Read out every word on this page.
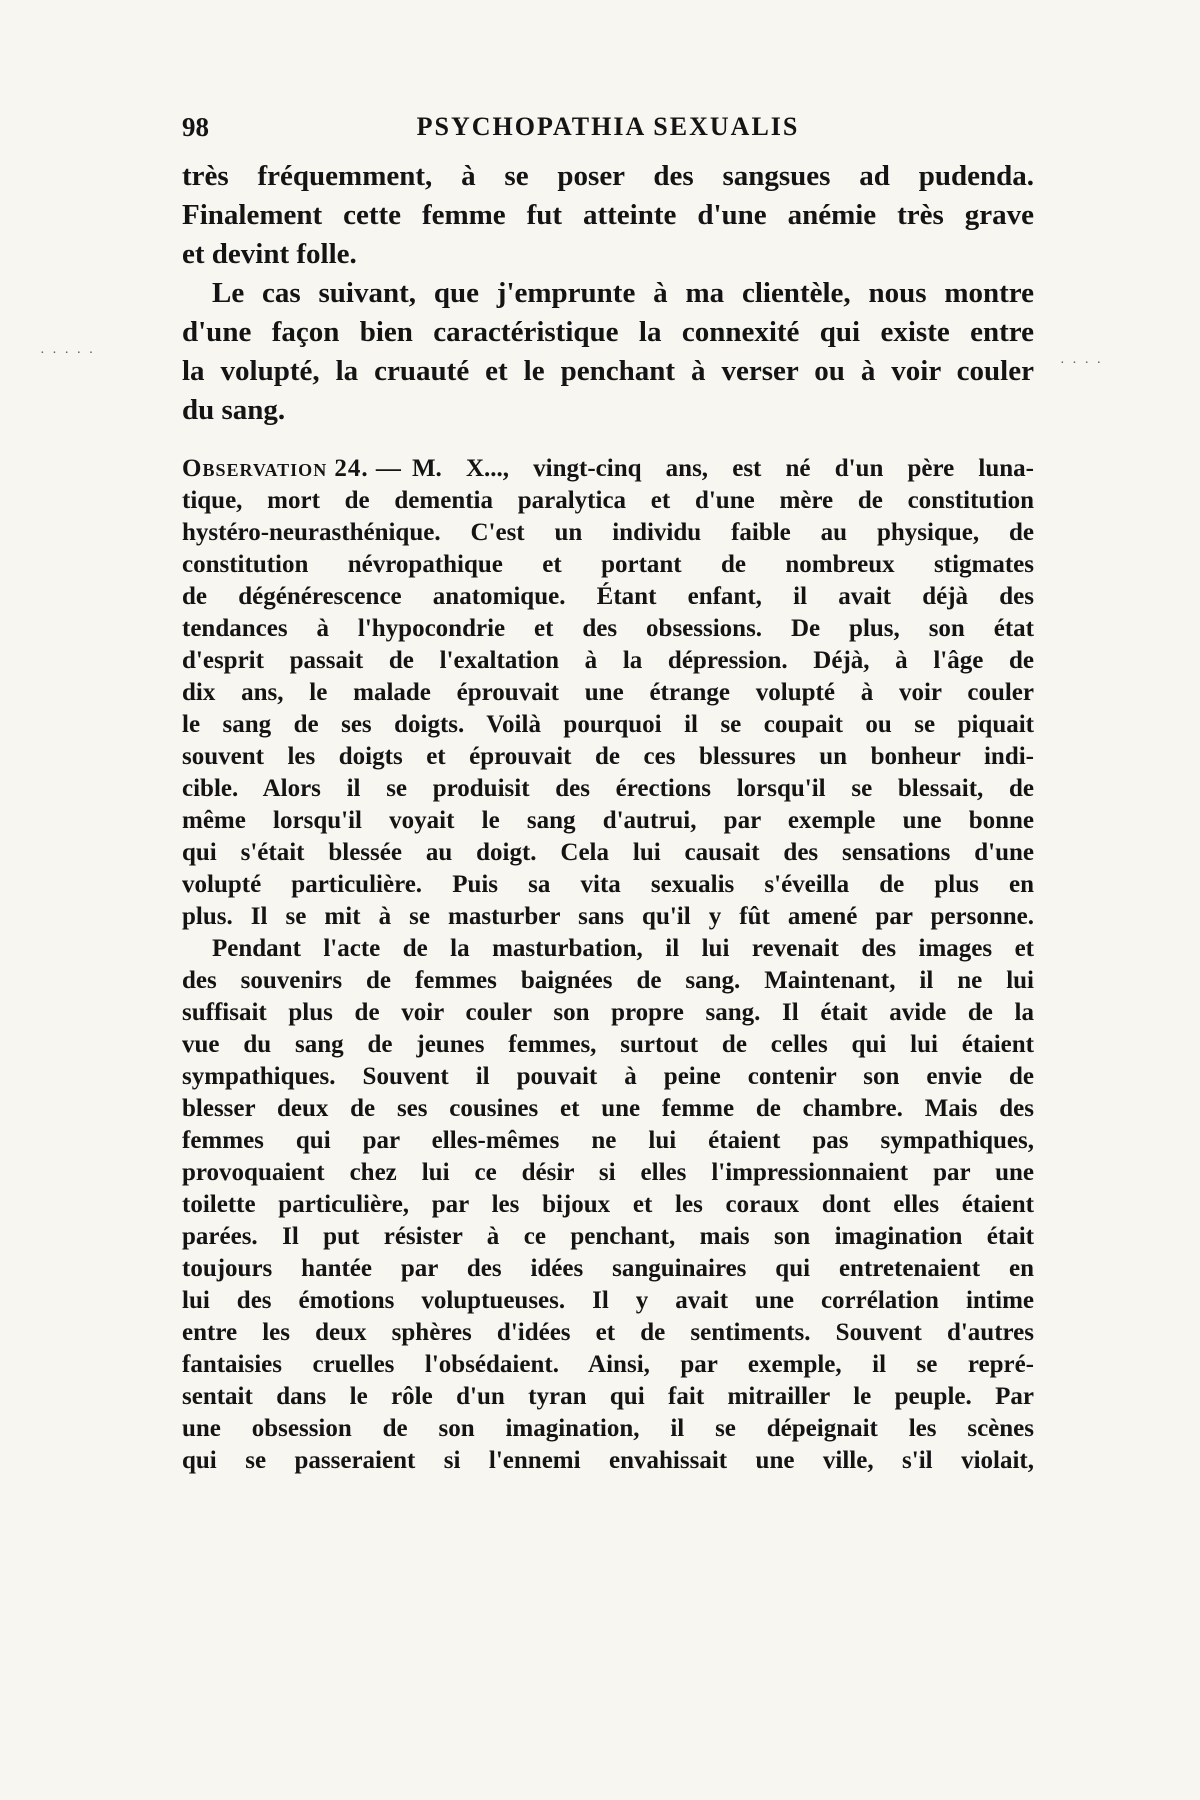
98	PSYCHOPATHIA SEXUALIS
· · · · ·
· · · ·
très fréquemment, à se poser des sangsues ad pudenda.
Finalement cette femme fut atteinte d'une anémie très grave
et devint folle.
Le cas suivant, que j'emprunte à ma clientèle, nous montre
d'une façon bien caractéristique la connexité qui existe entre
la volupté, la cruauté et le penchant à verser ou à voir couler
du sang.
Observation 24. — M. X..., vingt-cinq ans, est né d'un père luna-
tique, mort de dementia paralytica et d'une mère de constitution
hystéro-neurasthénique. C'est un individu faible au physique, de
constitution névropathique et portant de nombreux stigmates
de dégénérescence anatomique. Étant enfant, il avait déjà des
tendances à l'hypocondrie et des obsessions. De plus, son état
d'esprit passait de l'exaltation à la dépression. Déjà, à l'âge de
dix ans, le malade éprouvait une étrange volupté à voir couler
le sang de ses doigts. Voilà pourquoi il se coupait ou se piquait
souvent les doigts et éprouvait de ces blessures un bonheur indi-
cible. Alors il se produisit des érections lorsqu'il se blessait, de
même lorsqu'il voyait le sang d'autrui, par exemple une bonne
qui s'était blessée au doigt. Cela lui causait des sensations d'une
volupté particulière. Puis sa vita sexualis s'éveilla de plus en
plus. Il se mit à se masturber sans qu'il y fût amené par personne.
Pendant l'acte de la masturbation, il lui revenait des images et
des souvenirs de femmes baignées de sang. Maintenant, il ne lui
suffisait plus de voir couler son propre sang. Il était avide de la
vue du sang de jeunes femmes, surtout de celles qui lui étaient
sympathiques. Souvent il pouvait à peine contenir son envie de
blesser deux de ses cousines et une femme de chambre. Mais des
femmes qui par elles-mêmes ne lui étaient pas sympathiques,
provoquaient chez lui ce désir si elles l'impressionnaient par une
toilette particulière, par les bijoux et les coraux dont elles étaient
parées. Il put résister à ce penchant, mais son imagination était
toujours hantée par des idées sanguinaires qui entretenaient en
lui des émotions voluptueuses. Il y avait une corrélation intime
entre les deux sphères d'idées et de sentiments. Souvent d'autres
fantaisies cruelles l'obsédaient. Ainsi, par exemple, il se repré-
sentait dans le rôle d'un tyran qui fait mitrailler le peuple. Par
une obsession de son imagination, il se dépeignait les scènes
qui se passeraient si l'ennemi envahissait une ville, s'il violait,
